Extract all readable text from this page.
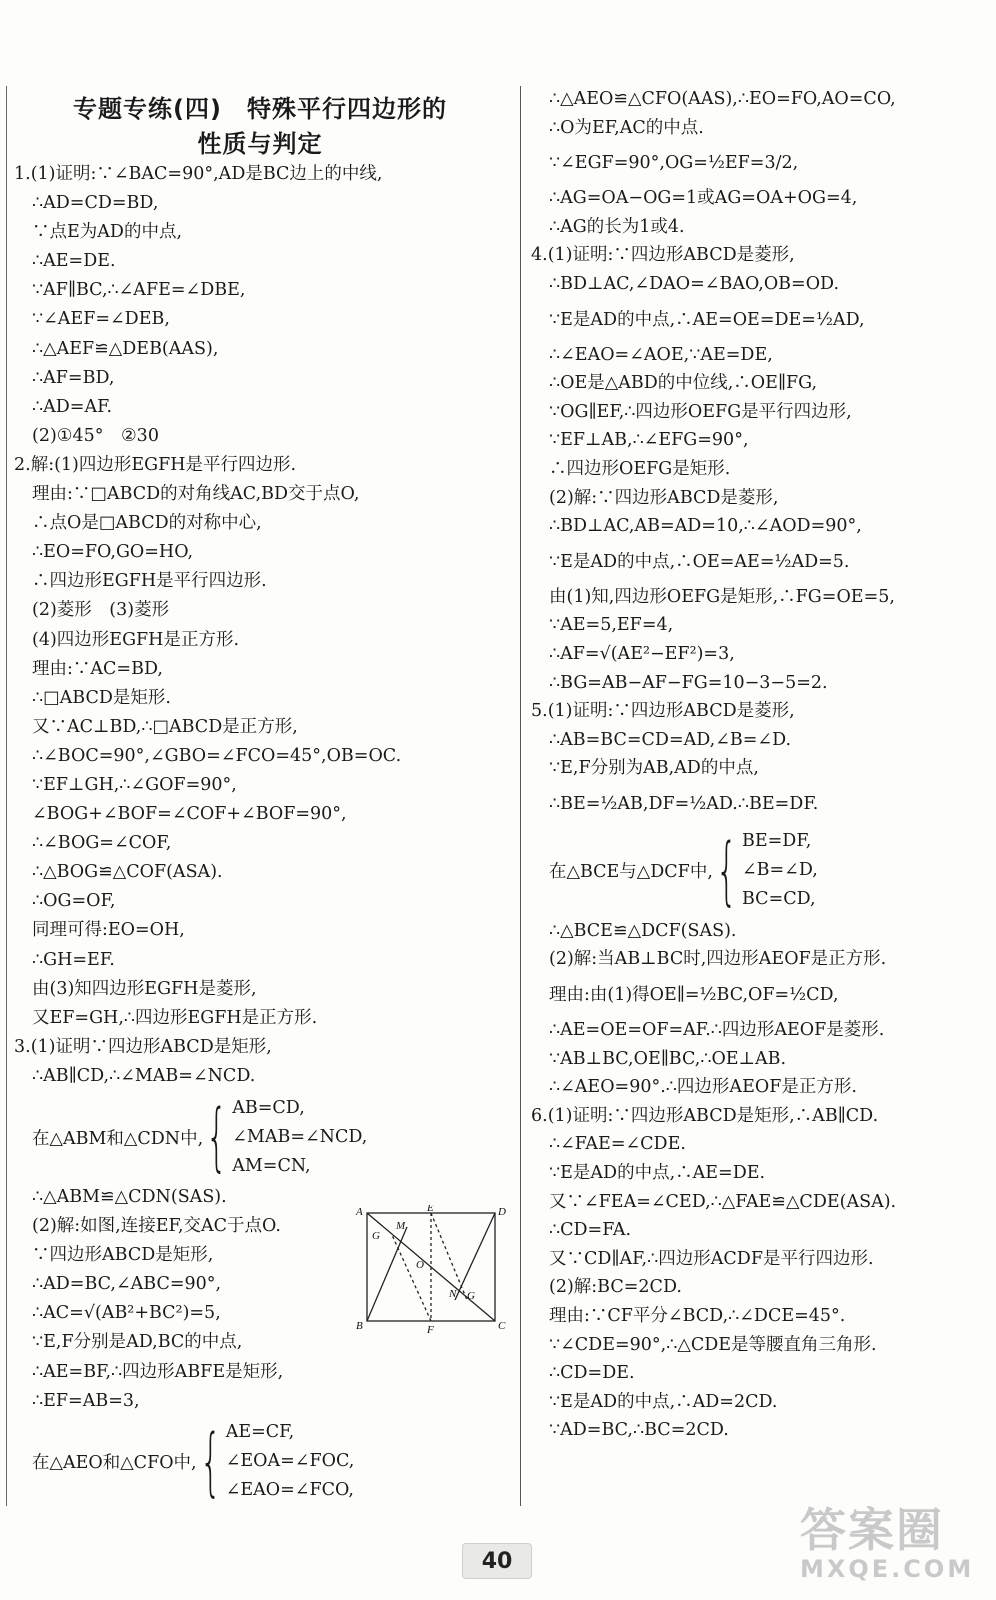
专题专练(四)　特殊平行四边形的
性质与判定
1.(1)证明:∵∠BAC=90°,AD是BC边上的中线,
∴AD=CD=BD,
∵点E为AD的中点,
∴AE=DE.
∵AF∥BC,∴∠AFE=∠DBE,
∵∠AEF=∠DEB,
∴△AEF≌△DEB(AAS),
∴AF=BD,
∴AD=AF.
(2)①45°　②30
2.解:(1)四边形EGFH是平行四边形.
理由:∵□ABCD的对角线AC,BD交于点O,
∴点O是□ABCD的对称中心,
∴EO=FO,GO=HO,
∴四边形EGFH是平行四边形.
(2)菱形　(3)菱形
(4)四边形EGFH是正方形.
理由:∵AC=BD,
∴□ABCD是矩形.
又∵AC⊥BD,∴□ABCD是正方形,
∴∠BOC=90°,∠GBO=∠FCO=45°,OB=OC.
∵EF⊥GH,∴∠GOF=90°,
∠BOG+∠BOF=∠COF+∠BOF=90°,
∴∠BOG=∠COF,
∴△BOG≌△COF(ASA).
∴OG=OF,
同理可得:EO=OH,
∴GH=EF.
由(3)知四边形EGFH是菱形,
又EF=GH,∴四边形EGFH是正方形.
3.(1)证明∵四边形ABCD是矩形,
∴AB∥CD,∴∠MAB=∠NCD.
在△ABM和△CDN中, { AB=CD,
∠MAB=∠NCD,
AM=CN,
∴△ABM≌△CDN(SAS).
(2)解:如图,连接EF,交AC于点O.
∵四边形ABCD是矩形,
∴AD=BC,∠ABC=90°,
∴AC=√(AB²+BC²)=5,
∵E,F分别是AD,BC的中点,
∴AE=BF,∴四边形ABFE是矩形,
∴EF=AB=3,
在△AEO和△CFO中, { AE=CF,
∠EOA=∠FOC,
∠EAO=∠FCO,
A	E	D
G
M
O
N G
B	F	C
∴△AEO≌△CFO(AAS),∴EO=FO,AO=CO,
∴O为EF,AC的中点.
∵∠EGF=90°,OG=½EF=3/2,
∴AG=OA−OG=1或AG=OA+OG=4,
∴AG的长为1或4.
4.(1)证明:∵四边形ABCD是菱形,
∴BD⊥AC,∠DAO=∠BAO,OB=OD.
∵E是AD的中点,∴AE=OE=DE=½AD,
∴∠EAO=∠AOE,∵AE=DE,
∴OE是△ABD的中位线,∴OE∥FG,
∵OG∥EF,∴四边形OEFG是平行四边形,
∵EF⊥AB,∴∠EFG=90°,
∴四边形OEFG是矩形.
(2)解:∵四边形ABCD是菱形,
∴BD⊥AC,AB=AD=10,∴∠AOD=90°,
∵E是AD的中点,∴OE=AE=½AD=5.
由(1)知,四边形OEFG是矩形,∴FG=OE=5,
∵AE=5,EF=4,
∴AF=√(AE²−EF²)=3,
∴BG=AB−AF−FG=10−3−5=2.
5.(1)证明:∵四边形ABCD是菱形,
∴AB=BC=CD=AD,∠B=∠D.
∵E,F分别为AB,AD的中点,
∴BE=½AB,DF=½AD.∴BE=DF.
在△BCE与△DCF中, { BE=DF,
∠B=∠D,
BC=CD,
∴△BCE≌△DCF(SAS).
(2)解:当AB⊥BC时,四边形AEOF是正方形.
理由:由(1)得OE∥=½BC,OF=½CD,
∴AE=OE=OF=AF.∴四边形AEOF是菱形.
∵AB⊥BC,OE∥BC,∴OE⊥AB.
∴∠AEO=90°.∴四边形AEOF是正方形.
6.(1)证明:∵四边形ABCD是矩形,∴AB∥CD.
∴∠FAE=∠CDE.
∵E是AD的中点,∴AE=DE.
又∵∠FEA=∠CED,∴△FAE≌△CDE(ASA).
∴CD=FA.
又∵CD∥AF,∴四边形ACDF是平行四边形.
(2)解:BC=2CD.
理由:∵CF平分∠BCD,∴∠DCE=45°.
∵∠CDE=90°,∴△CDE是等腰直角三角形.
∴CD=DE.
∵E是AD的中点,∴AD=2CD.
∵AD=BC,∴BC=2CD.
40
答案圈
MXQE.COM
